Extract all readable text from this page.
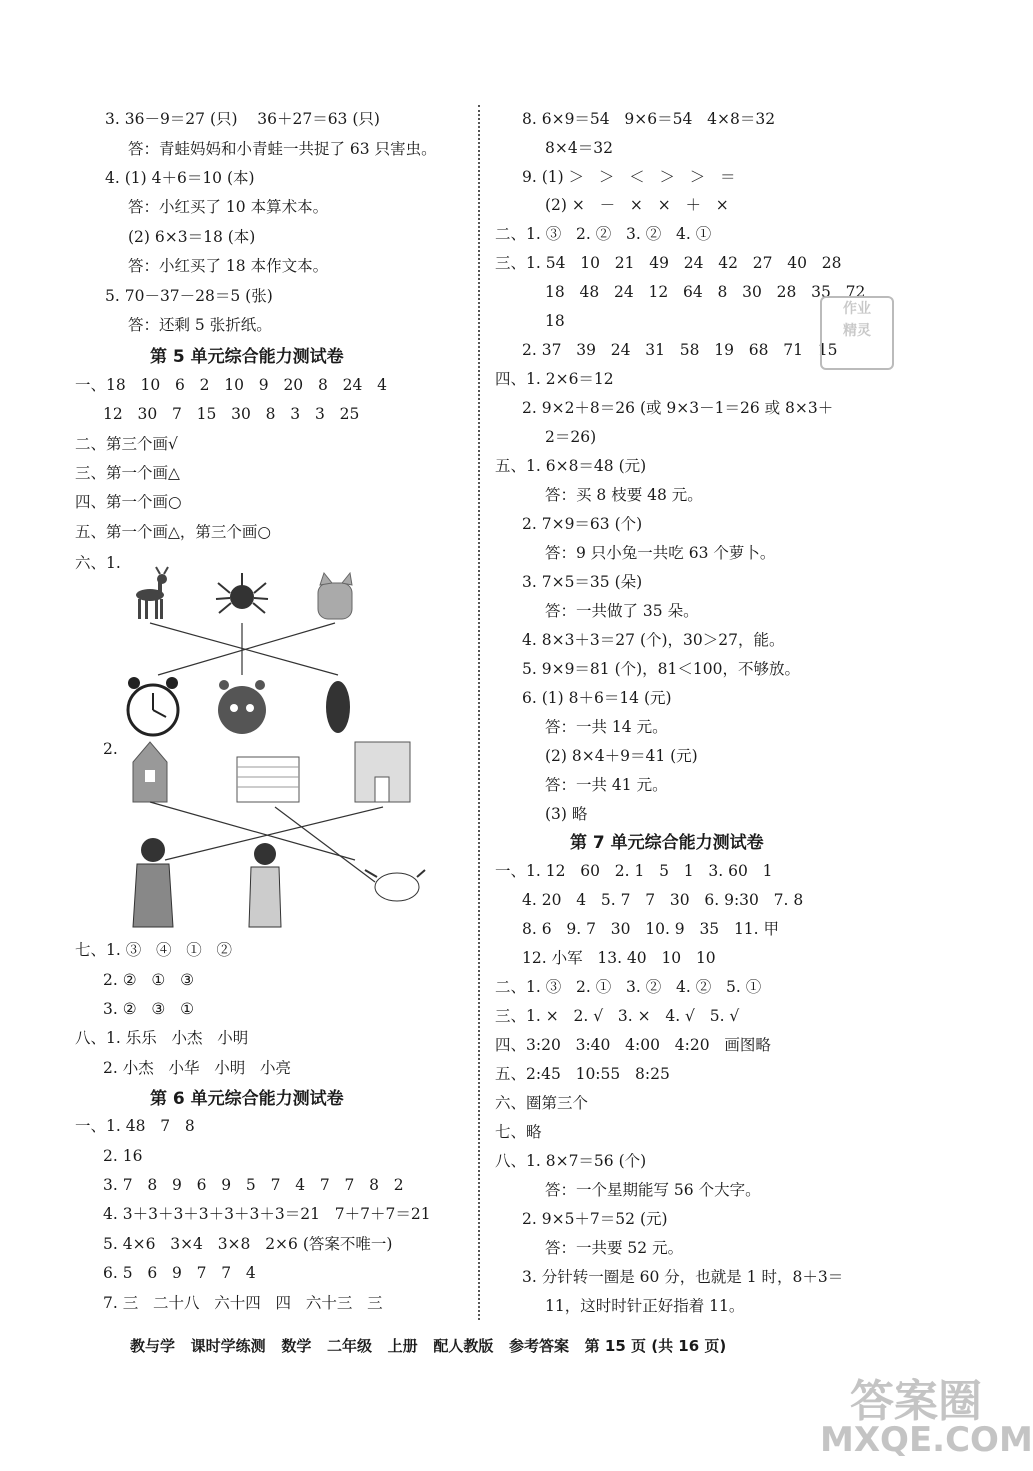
3. 36－9＝27 (只)    36＋27＝63 (只)
答：青蛙妈妈和小青蛙一共捉了 63 只害虫。
4. (1) 4＋6＝10 (本)
答：小红买了 10 本算术本。
(2) 6×3＝18 (本)
答：小红买了 18 本作文本。
5. 70－37－28＝5 (张)
答：还剩 5 张折纸。
第 5 单元综合能力测试卷
一、18   10   6   2   10   9   20   8   24   4
12   30   7   15   30   8   3   3   25
二、第三个画√
三、第一个画△
四、第一个画○
五、第一个画△，第三个画○
六、1.
2.
七、1. ③   ④   ①   ②
2. ②   ①   ③
3. ②   ③   ①
八、1. 乐乐   小杰   小明
2. 小杰   小华   小明   小亮
第 6 单元综合能力测试卷
一、1. 48   7   8
2. 16
3. 7   8   9   6   9   5   7   4   7   7   8   2
4. 3＋3＋3＋3＋3＋3＋3＝21   7＋7＋7＝21
5. 4×6   3×4   3×8   2×6 (答案不唯一)
6. 5   6   9   7   7   4
7. 三   二十八   六十四   四   六十三   三
8. 6×9＝54   9×6＝54   4×8＝32
8×4＝32
9. (1) ＞   ＞   ＜   ＞   ＞   ＝
(2) ×   －   ×   ×   ＋   ×
二、1. ③   2. ②   3. ②   4. ①
三、1. 54   10   21   49   24   42   27   40   28
18   48   24   12   64   8   30   28   35   72
18
2. 37   39   24   31   58   19   68   71   15
四、1. 2×6＝12
2. 9×2＋8＝26 (或 9×3－1＝26 或 8×3＋
2＝26)
五、1. 6×8＝48 (元)
答：买 8 枝要 48 元。
2. 7×9＝63 (个)
答：9 只小兔一共吃 63 个萝卜。
3. 7×5＝35 (朵)
答：一共做了 35 朵。
4. 8×3＋3＝27 (个)，30＞27，能。
5. 9×9＝81 (个)，81＜100，不够放。
6. (1) 8＋6＝14 (元)
答：一共 14 元。
(2) 8×4＋9＝41 (元)
答：一共 41 元。
(3) 略
第 7 单元综合能力测试卷
一、1. 12   60   2. 1   5   1   3. 60   1
4. 20   4   5. 7   7   30   6. 9:30   7. 8
8. 6   9. 7   30   10. 9   35   11. 甲
12. 小军   13. 40   10   10
二、1. ③   2. ①   3. ②   4. ②   5. ①
三、1. ×   2. √   3. ×   4. √   5. √
四、3:20   3:40   4:00   4:20   画图略
五、2:45   10:55   8:25
六、圈第三个
七、略
八、1. 8×7＝56 (个)
答：一个星期能写 56 个大字。
2. 9×5＋7＝52 (元)
答：一共要 52 元。
3. 分针转一圈是 60 分，也就是 1 时，8＋3＝
11，这时时针正好指着 11。
作业
精灵
答案圈
MXQE.COM
教与学   课时学练测   数学   二年级   上册   配人教版   参考答案   第 15 页 (共 16 页)
